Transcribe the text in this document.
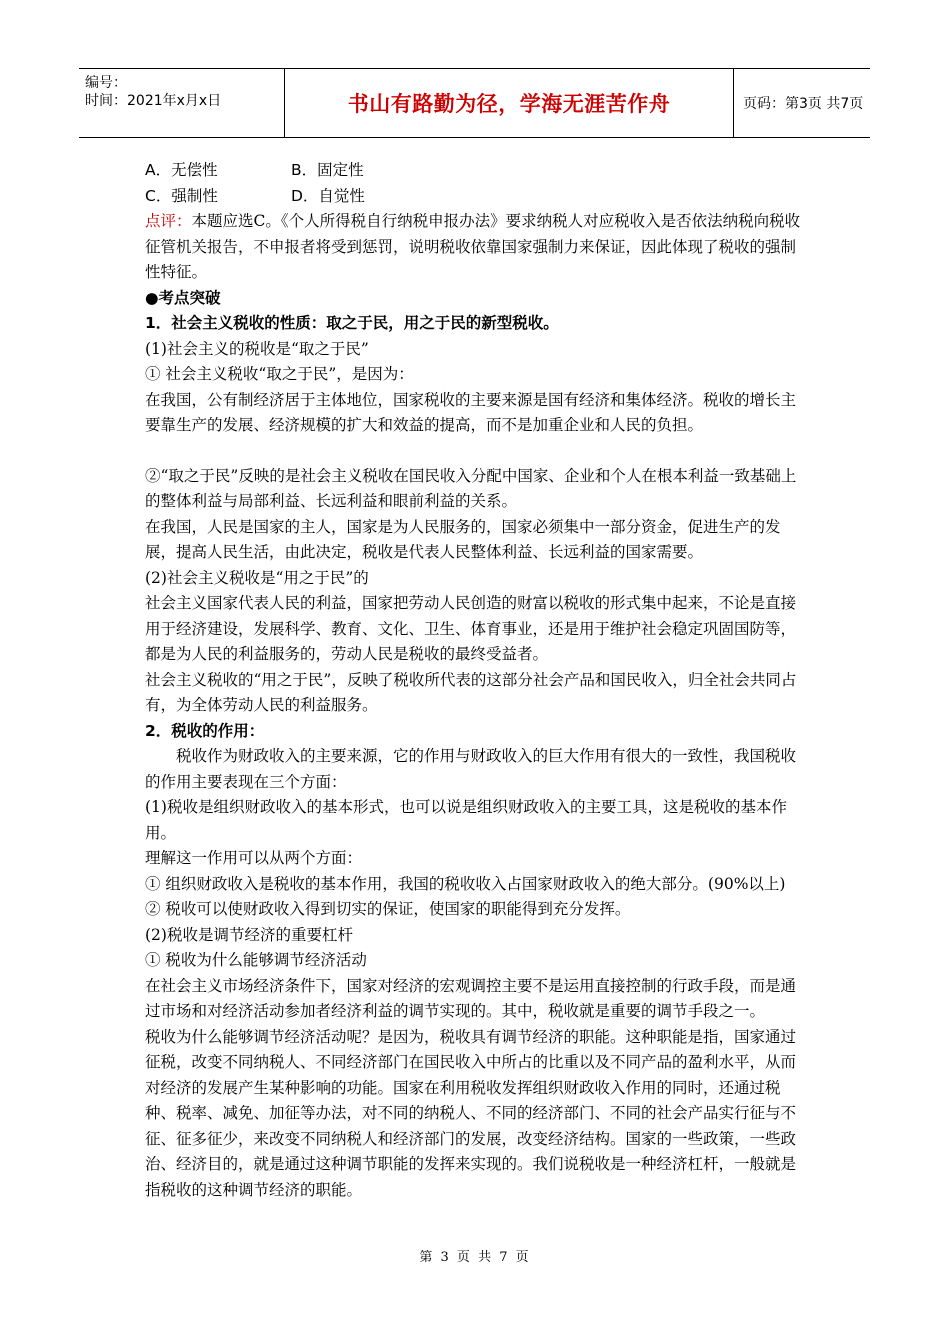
编号：
时间：2021年x月x日	书山有路勤为径，学海无涯苦作舟	页码：第3页 共7页

A．无偿性	B．固定性

C．强制性	D．自觉性

点评：本题应选C。《个人所得税自行纳税申报办法》要求纳税人对应税收入是否依法纳税向税收征管机关报告，不申报者将受到惩罚，说明税收依靠国家强制力来保证，因此体现了税收的强制性特征。

●考点突破

1．社会主义税收的性质：取之于民，用之于民的新型税收。

(1)社会主义的税收是“取之于民”

① 社会主义税收“取之于民”，是因为：

在我国，公有制经济居于主体地位，国家税收的主要来源是国有经济和集体经济。税收的增长主要靠生产的发展、经济规模的扩大和效益的提高，而不是加重企业和人民的负担。

②“取之于民”反映的是社会主义税收在国民收入分配中国家、企业和个人在根本利益一致基础上的整体利益与局部利益、长远利益和眼前利益的关系。

在我国，人民是国家的主人，国家是为人民服务的，国家必须集中一部分资金，促进生产的发展，提高人民生活，由此决定，税收是代表人民整体利益、长远利益的国家需要。

(2)社会主义税收是“用之于民”的

社会主义国家代表人民的利益，国家把劳动人民创造的财富以税收的形式集中起来，不论是直接用于经济建设，发展科学、教育、文化、卫生、体育事业，还是用于维护社会稳定巩固国防等，都是为人民的利益服务的，劳动人民是税收的最终受益者。

社会主义税收的“用之于民”，反映了税收所代表的这部分社会产品和国民收入，归全社会共同占有，为全体劳动人民的利益服务。

2．税收的作用：

税收作为财政收入的主要来源，它的作用与财政收入的巨大作用有很大的一致性，我国税收的作用主要表现在三个方面：

(1)税收是组织财政收入的基本形式，也可以说是组织财政收入的主要工具，这是税收的基本作用。

理解这一作用可以从两个方面：

① 组织财政收入是税收的基本作用，我国的税收收入占国家财政收入的绝大部分。(90%以上)

② 税收可以使财政收入得到切实的保证，使国家的职能得到充分发挥。

(2)税收是调节经济的重要杠杆

① 税收为什么能够调节经济活动

在社会主义市场经济条件下，国家对经济的宏观调控主要不是运用直接控制的行政手段，而是通过市场和对经济活动参加者经济利益的调节实现的。其中，税收就是重要的调节手段之一。

税收为什么能够调节经济活动呢？是因为，税收具有调节经济的职能。这种职能是指，国家通过征税，改变不同纳税人、不同经济部门在国民收入中所占的比重以及不同产品的盈利水平，从而对经济的发展产生某种影响的功能。国家在利用税收发挥组织财政收入作用的同时，还通过税种、税率、减免、加征等办法，对不同的纳税人、不同的经济部门、不同的社会产品实行征与不征、征多征少，来改变不同纳税人和经济部门的发展，改变经济结构。国家的一些政策，一些政治、经济目的，就是通过这种调节职能的发挥来实现的。我们说税收是一种经济杠杆，一般就是指税收的这种调节经济的职能。

第 3 页 共 7 页
